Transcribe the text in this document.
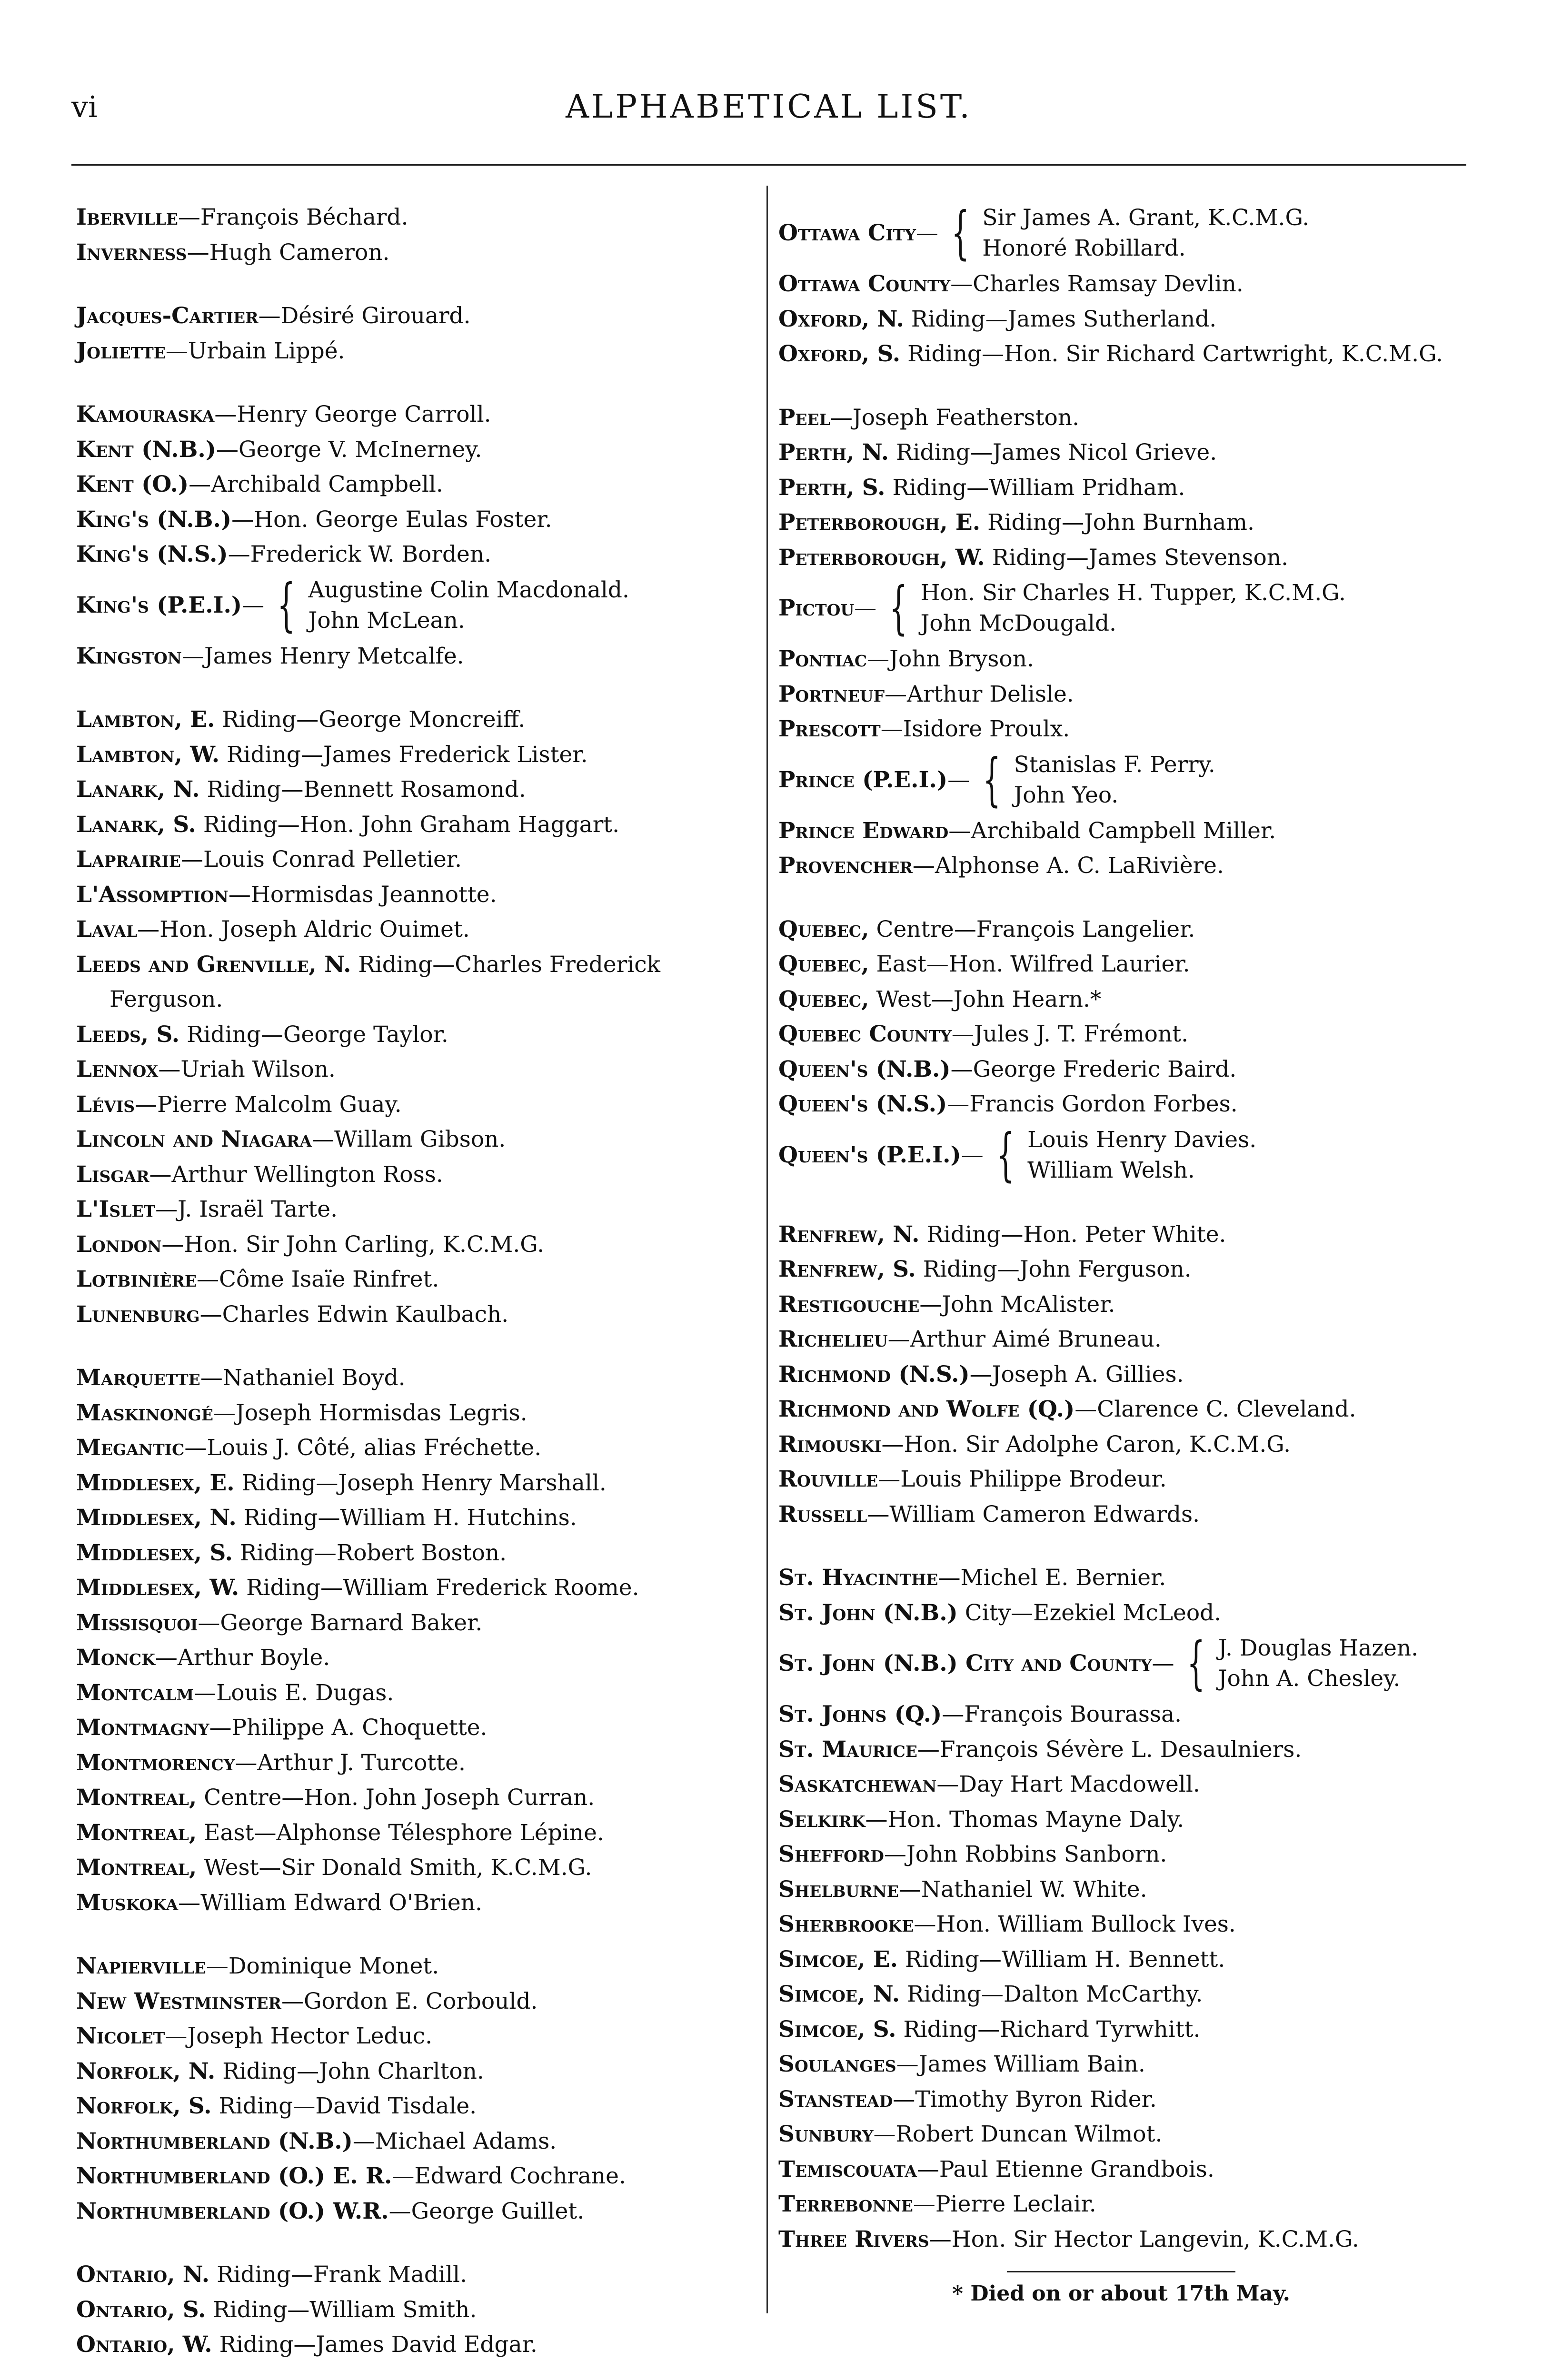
vi	ALPHABETICAL LIST.
Iberville—François Béchard.
Inverness—Hugh Cameron.
Jacques-Cartier—Désiré Girouard.
Joliette—Urbain Lippé.
Kamouraska—Henry George Carroll.
Kent (N.B.)—George V. McInerney.
Kent (O.)—Archibald Campbell.
King's (N.B.)—Hon. George Eulas Foster.
King's (N.S.)—Frederick W. Borden.
King's (P.E.I.) — { Augustine Colin Macdonald.
John McLean.
Kingston—James Henry Metcalfe.
Lambton, E. Riding—George Moncreiff.
Lambton, W. Riding—James Frederick Lister.
Lanark, N. Riding—Bennett Rosamond.
Lanark, S. Riding—Hon. John Graham Haggart.
Laprairie—Louis Conrad Pelletier.
L'Assomption—Hormisdas Jeannotte.
Laval—Hon. Joseph Aldric Ouimet.
Leeds and Grenville, N. Riding—Charles Frederick Ferguson.
Leeds, S. Riding—George Taylor.
Lennox—Uriah Wilson.
Lévis—Pierre Malcolm Guay.
Lincoln and Niagara—Willam Gibson.
Lisgar—Arthur Wellington Ross.
L'Islet—J. Israël Tarte.
London—Hon. Sir John Carling, K.C.M.G.
Lotbinière—Côme Isaïe Rinfret.
Lunenburg—Charles Edwin Kaulbach.
Marquette—Nathaniel Boyd.
Maskinongé—Joseph Hormisdas Legris.
Megantic—Louis J. Côté, alias Fréchette.
Middlesex, E. Riding—Joseph Henry Marshall.
Middlesex, N. Riding—William H. Hutchins.
Middlesex, S. Riding—Robert Boston.
Middlesex, W. Riding—William Frederick Roome.
Missisquoi—George Barnard Baker.
Monck—Arthur Boyle.
Montcalm—Louis E. Dugas.
Montmagny—Philippe A. Choquette.
Montmorency—Arthur J. Turcotte.
Montreal, Centre—Hon. John Joseph Curran.
Montreal, East—Alphonse Télesphore Lépine.
Montreal, West—Sir Donald Smith, K.C.M.G.
Muskoka—William Edward O'Brien.
Napierville—Dominique Monet.
New Westminster—Gordon E. Corbould.
Nicolet—Joseph Hector Leduc.
Norfolk, N. Riding—John Charlton.
Norfolk, S. Riding—David Tisdale.
Northumberland (N.B.)—Michael Adams.
Northumberland (O.) E. R.—Edward Cochrane.
Northumberland (O.) W.R.—George Guillet.
Ontario, N. Riding—Frank Madill.
Ontario, S. Riding—William Smith.
Ontario, W. Riding—James David Edgar.
Ottawa City — { Sir James A. Grant, K.C.M.G.
Honoré Robillard.
Ottawa County—Charles Ramsay Devlin.
Oxford, N. Riding—James Sutherland.
Oxford, S. Riding—Hon. Sir Richard Cartwright, K.C.M.G.
Peel—Joseph Featherston.
Perth, N. Riding—James Nicol Grieve.
Perth, S. Riding—William Pridham.
Peterborough, E. Riding—John Burnham.
Peterborough, W. Riding—James Stevenson.
Pictou — { Hon. Sir Charles H. Tupper, K.C.M.G.
John McDougald.
Pontiac—John Bryson.
Portneuf—Arthur Delisle.
Prescott—Isidore Proulx.
Prince (P.E.I.) — { Stanislas F. Perry.
John Yeo.
Prince Edward—Archibald Campbell Miller.
Provencher—Alphonse A. C. LaRivière.
Quebec, Centre—François Langelier.
Quebec, East—Hon. Wilfred Laurier.
Quebec, West—John Hearn.*
Quebec County—Jules J. T. Frémont.
Queen's (N.B.)—George Frederic Baird.
Queen's (N.S.)—Francis Gordon Forbes.
Queen's (P.E.I.) — { Louis Henry Davies.
William Welsh.
Renfrew, N. Riding—Hon. Peter White.
Renfrew, S. Riding—John Ferguson.
Restigouche—John McAlister.
Richelieu—Arthur Aimé Bruneau.
Richmond (N.S.)—Joseph A. Gillies.
Richmond and Wolfe (Q.)—Clarence C. Cleveland.
Rimouski—Hon. Sir Adolphe Caron, K.C.M.G.
Rouville—Louis Philippe Brodeur.
Russell—William Cameron Edwards.
St. Hyacinthe—Michel E. Bernier.
St. John (N.B.) City—Ezekiel McLeod.
St. John (N.B.) City and County — { J. Douglas Hazen.
John A. Chesley.
St. Johns (Q.)—François Bourassa.
St. Maurice—François Sévère L. Desaulniers.
Saskatchewan—Day Hart Macdowell.
Selkirk—Hon. Thomas Mayne Daly.
Shefford—John Robbins Sanborn.
Shelburne—Nathaniel W. White.
Sherbrooke—Hon. William Bullock Ives.
Simcoe, E. Riding—William H. Bennett.
Simcoe, N. Riding—Dalton McCarthy.
Simcoe, S. Riding—Richard Tyrwhitt.
Soulanges—James William Bain.
Stanstead—Timothy Byron Rider.
Sunbury—Robert Duncan Wilmot.
Temiscouata—Paul Etienne Grandbois.
Terrebonne—Pierre Leclair.
Three Rivers—Hon. Sir Hector Langevin, K.C.M.G.
* Died on or about 17th May.
